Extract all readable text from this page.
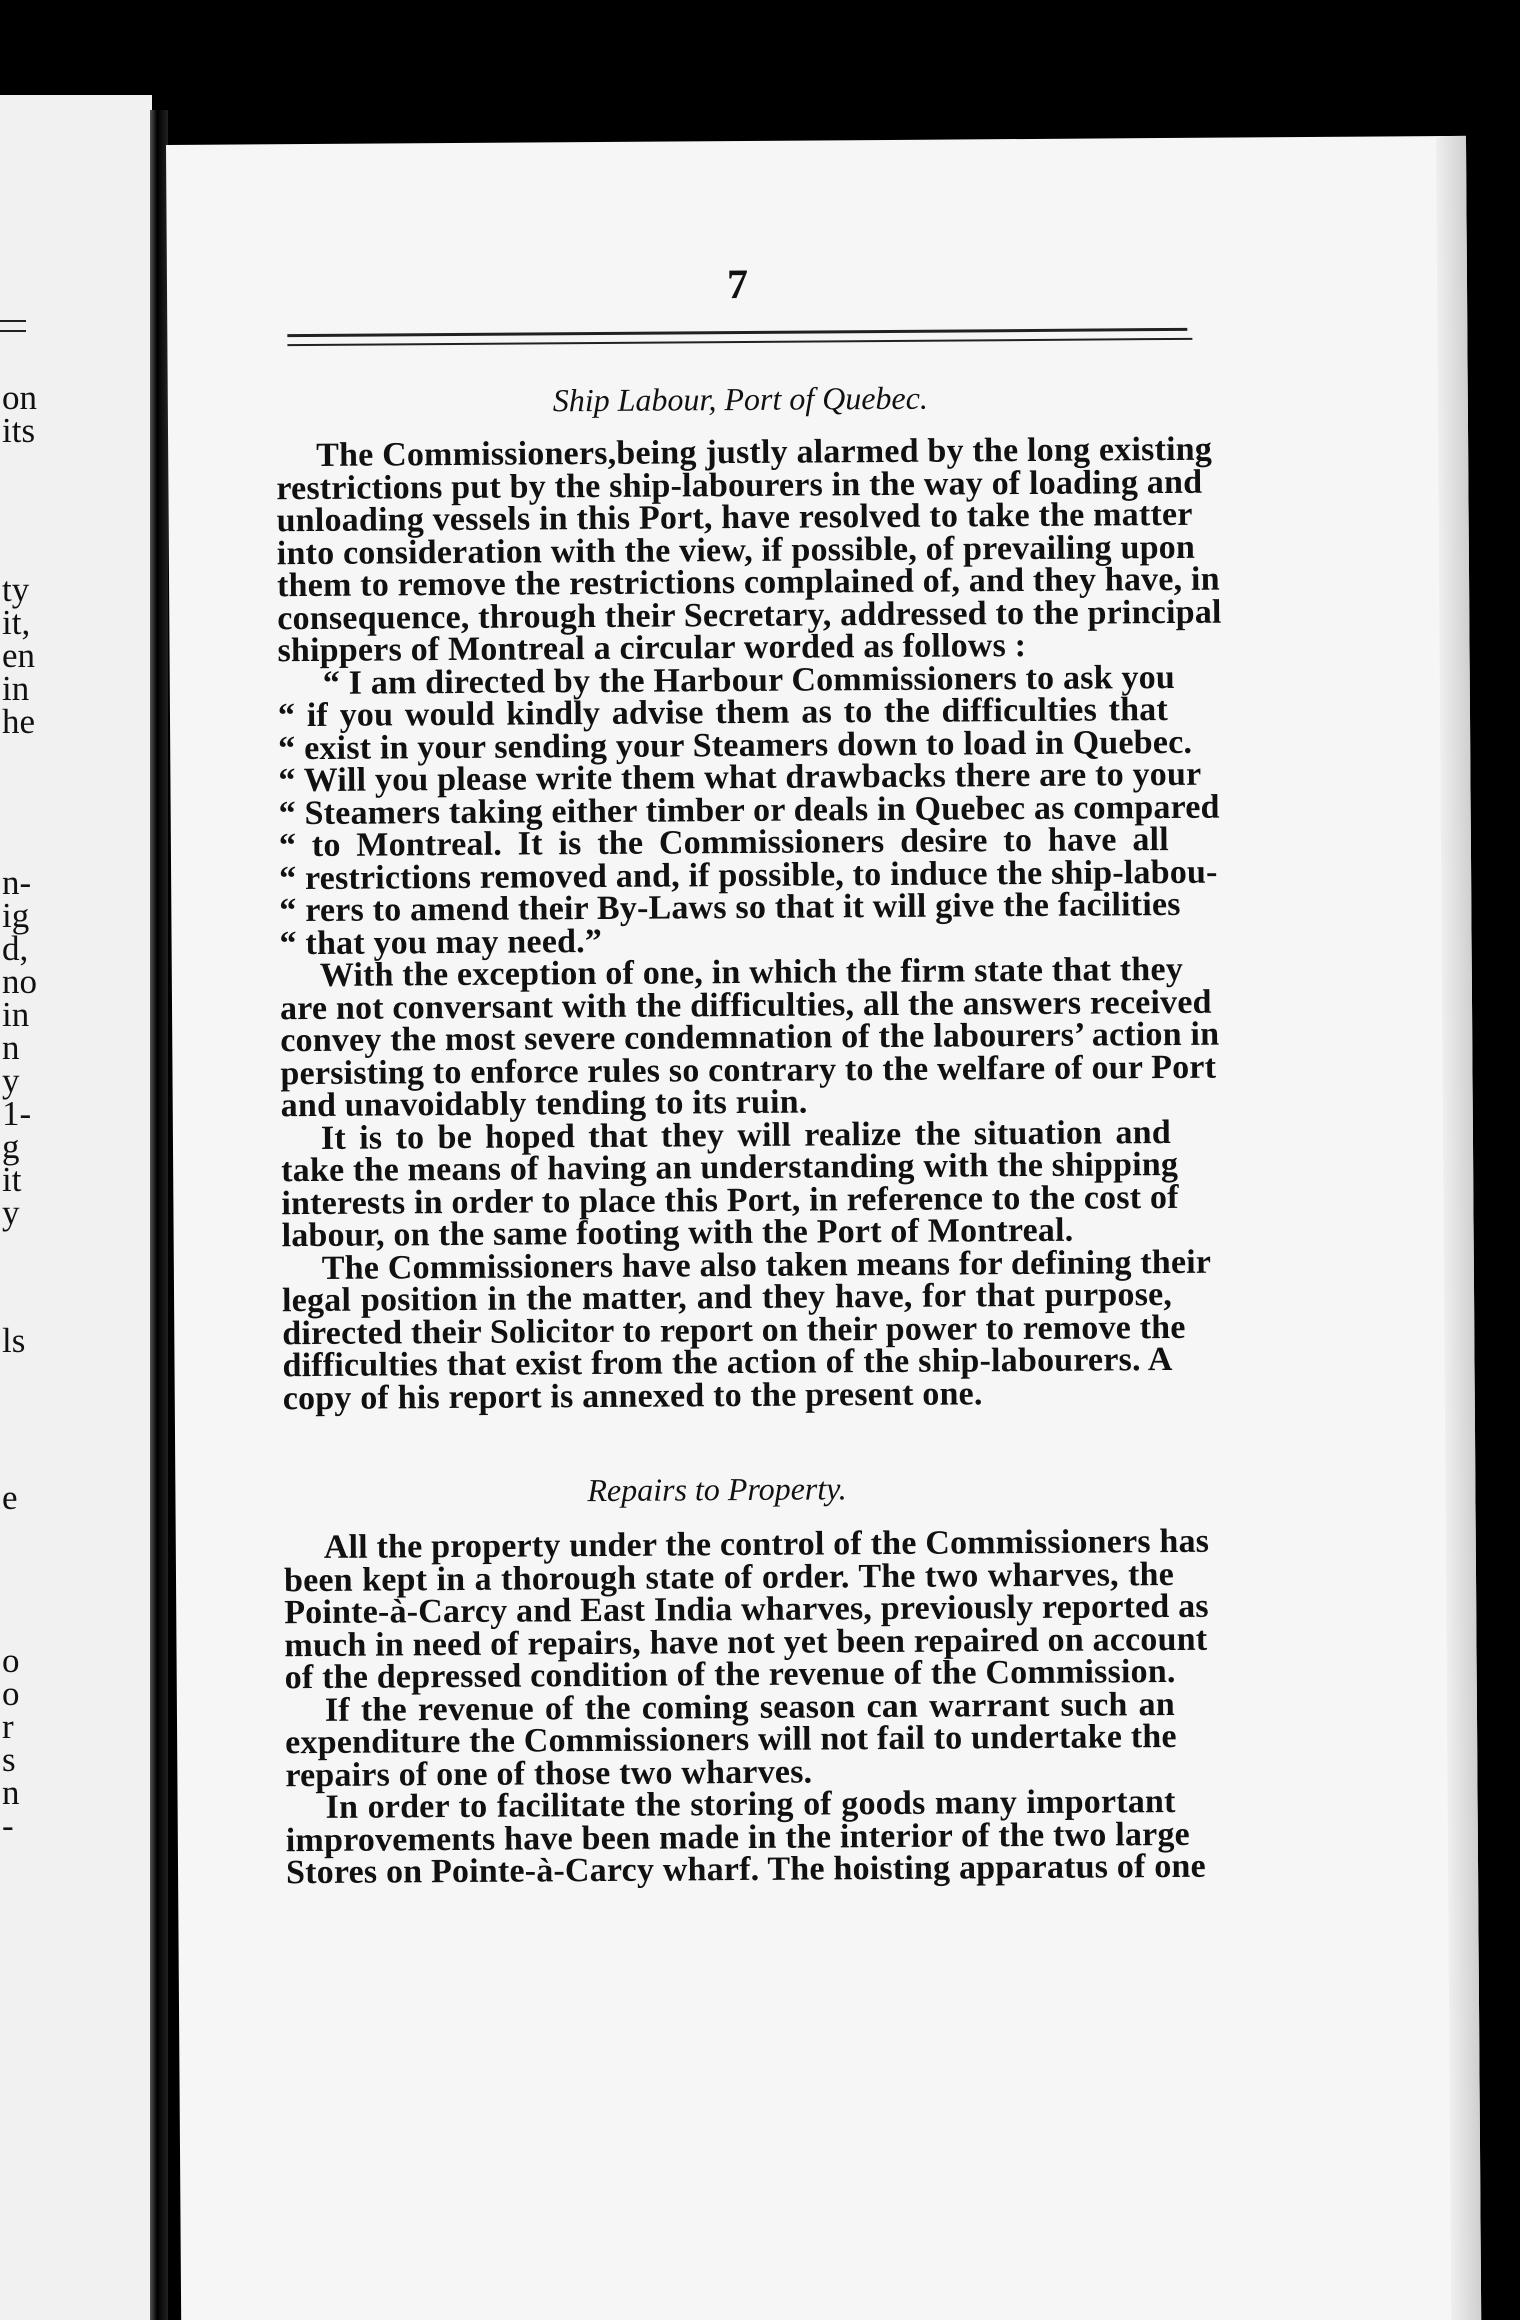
on
its
ty
it,
en
in
he
n-
ig
d,
no
in
n
y
1-
g
it
y
ls
e
o
o
r
s
n
-
7
Ship Labour, Port of Quebec.
The Commissioners,being justly alarmed by the long existing
restrictions put by the ship-labourers in the way of loading and
unloading vessels in this Port, have resolved to take the matter
into consideration with the view, if possible, of prevailing upon
them to remove the restrictions complained of, and they have, in
consequence, through their Secretary, addressed to the principal
shippers of Montreal a circular worded as follows :
“ I am directed by the Harbour Commissioners to ask you
“ if you would kindly advise them as to the difficulties that
“ exist in your sending your Steamers down to load in Quebec.
“ Will you please write them what drawbacks there are to your
“ Steamers taking either timber or deals in Quebec as compared
“ to Montreal. It is the Commissioners desire to have all
“ restrictions removed and, if possible, to induce the ship-labou-
“ rers to amend their By-Laws so that it will give the facilities
“ that you may need.”
With the exception of one, in which the firm state that they
are not conversant with the difficulties, all the answers received
convey the most severe condemnation of the labourers’ action in
persisting to enforce rules so contrary to the welfare of our Port
and unavoidably tending to its ruin.
It is to be hoped that they will realize the situation and
take the means of having an understanding with the shipping
interests in order to place this Port, in reference to the cost of
labour, on the same footing with the Port of Montreal.
The Commissioners have also taken means for defining their
legal position in the matter, and they have, for that purpose,
directed their Solicitor to report on their power to remove the
difficulties that exist from the action of the ship-labourers. A
copy of his report is annexed to the present one.
Repairs to Property.
All the property under the control of the Commissioners has
been kept in a thorough state of order. The two wharves, the
Pointe-à-Carcy and East India wharves, previously reported as
much in need of repairs, have not yet been repaired on account
of the depressed condition of the revenue of the Commission.
If the revenue of the coming season can warrant such an
expenditure the Commissioners will not fail to undertake the
repairs of one of those two wharves.
In order to facilitate the storing of goods many important
improvements have been made in the interior of the two large
Stores on Pointe-à-Carcy wharf. The hoisting apparatus of one
